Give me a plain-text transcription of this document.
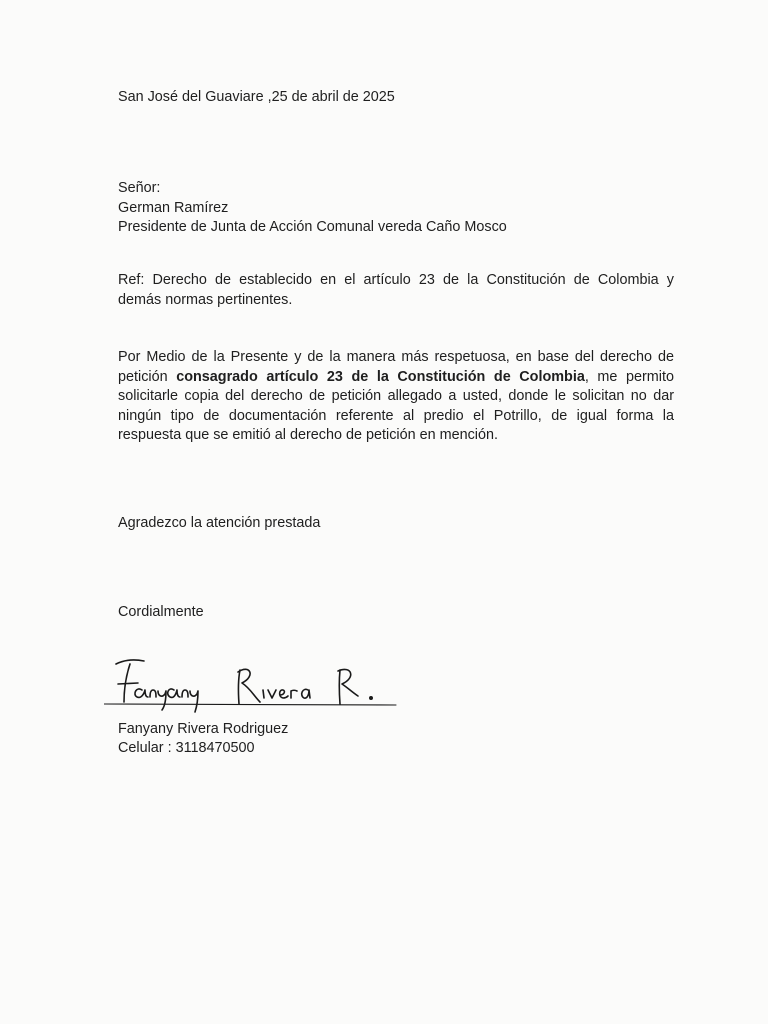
San José del Guaviare ,25 de abril de 2025
Señor:
German Ramírez
Presidente de Junta de Acción Comunal vereda Caño Mosco
Ref: Derecho de establecido en el artículo 23 de la Constitución de Colombia y
demás normas pertinentes.
Por Medio de la Presente y de la manera más respetuosa, en base del derecho de
petición consagrado artículo 23 de la Constitución de Colombia, me permito
solicitarle copia del derecho de petición allegado a usted, donde le solicitan no dar
ningún tipo de documentación referente al predio el Potrillo, de igual forma la
respuesta que se emitió al derecho de petición en mención.
Agradezco la atención prestada
Cordialmente
Fanyany Rivera Rodriguez
Celular : 3118470500
